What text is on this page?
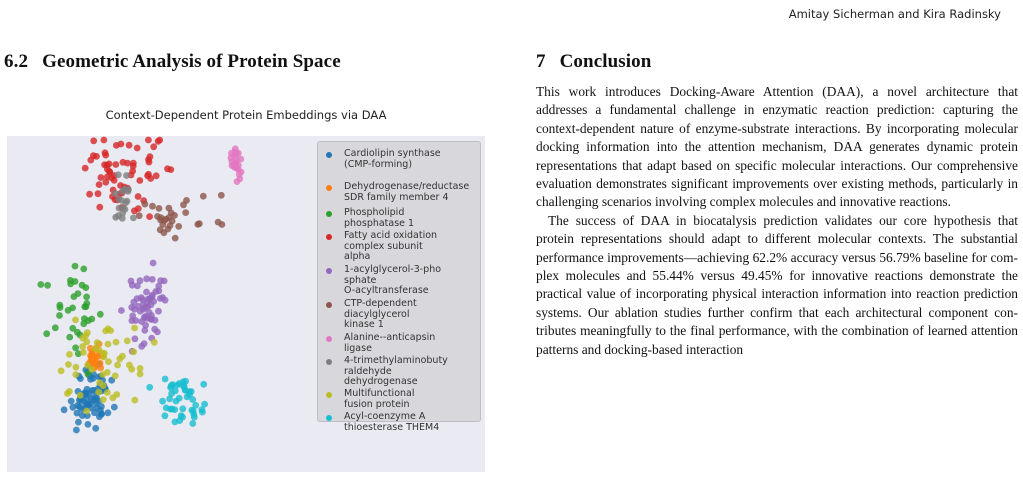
Amitay Sicherman and Kira Radinsky
6.2 Geometric Analysis of Protein Space	7 Conclusion
Context-Dependent Protein Embeddings via DAA
Cardiolipin synthase
(CMP-forming)
Dehydrogenase/reductase
SDR family member 4
Phospholipid
phosphatase 1
Fatty acid oxidation
complex subunit
alpha
1-acylglycerol-3-pho
sphate
O-acyltransferase
CTP-dependent
diacylglycerol
kinase 1
Alanine--anticapsin
ligase
4-trimethylaminobuty
raldehyde
dehydrogenase
Multifunctional
fusion protein
Acyl-coenzyme A
thioesterase THEM4

This work introduces Docking-Aware Attention (DAA), a novel architecture that addresses a fundamental challenge in enzymatic reaction prediction: capturing the context-dependent nature of enzyme-substrate interactions. By incorporating molecular docking information into the attention mechanism, DAA generates dynamic protein representations that adapt based on specific molecular interactions. Our comprehensive evaluation demonstrates significant improvements over existing methods, particularly in challenging scenarios involving complex molecules and innovative reactions.

The success of DAA in biocatalysis prediction validates our core hypothesis that protein representations should adapt to different molecular contexts. The substantial performance improvements—achieving 62.2% accuracy versus 56.79% baseline for complex molecules and 55.44% versus 49.45% for innovative reactions demonstrate the practical value of incorporating physical interaction information into reaction prediction systems. Our ablation studies further confirm that each architectural component contributes meaningfully to the final performance, with the combination of learned attention patterns and docking-based interaction
